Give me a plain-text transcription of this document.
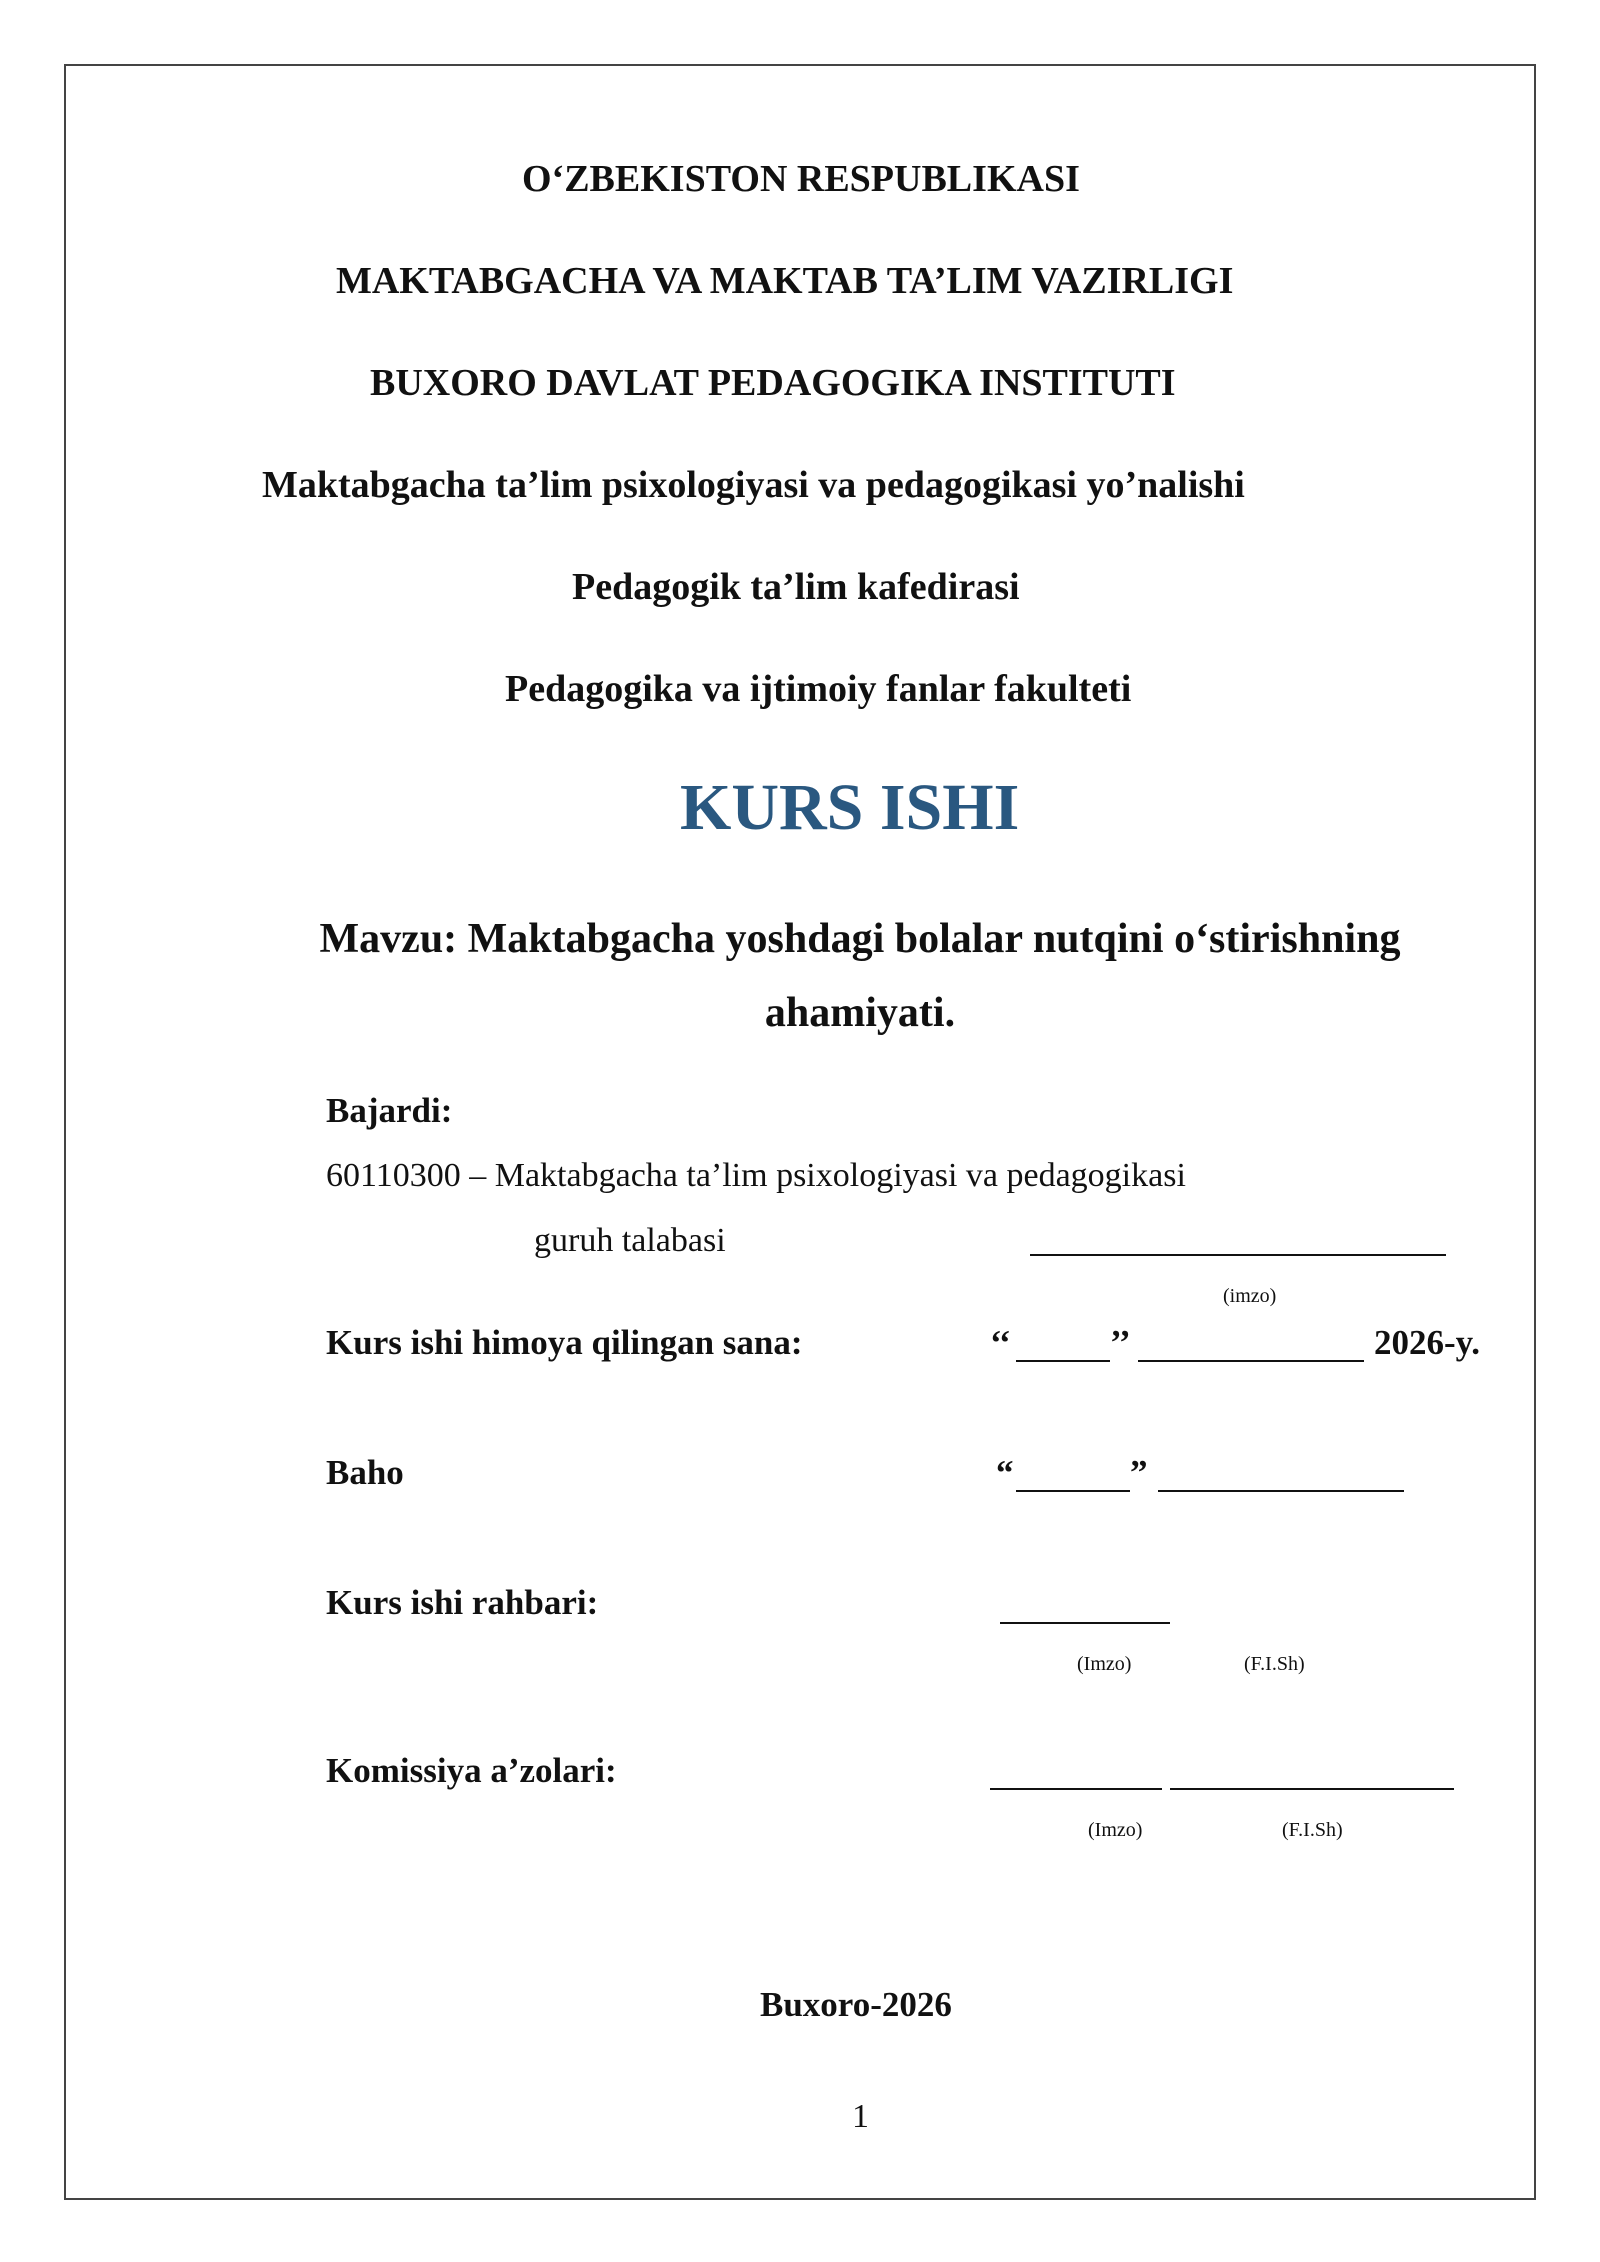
O‘ZBEKISTON RESPUBLIKASI
MAKTABGACHA VA MAKTAB TA’LIM VAZIRLIGI
BUXORO DAVLAT PEDAGOGIKA INSTITUTI
Maktabgacha ta’lim psixologiyasi va pedagogikasi yo’nalishi
Pedagogik ta’lim kafedirasi
Pedagogika va ijtimoiy fanlar fakulteti
KURS ISHI
Mavzu: Maktabgacha yoshdagi bolalar nutqini o‘stirishning
ahamiyati.
Bajardi:
60110300 – Maktabgacha ta’lim psixologiyasi va pedagogikasi
guruh talabasi
(imzo)
Kurs ishi himoya qilingan sana:	‘‘	’’	2026-y.
Baho	“	”
Kurs ishi rahbari:
(Imzo)	(F.I.Sh)
Komissiya a’zolari:
(Imzo)	(F.I.Sh)
Buxoro-2026
1
